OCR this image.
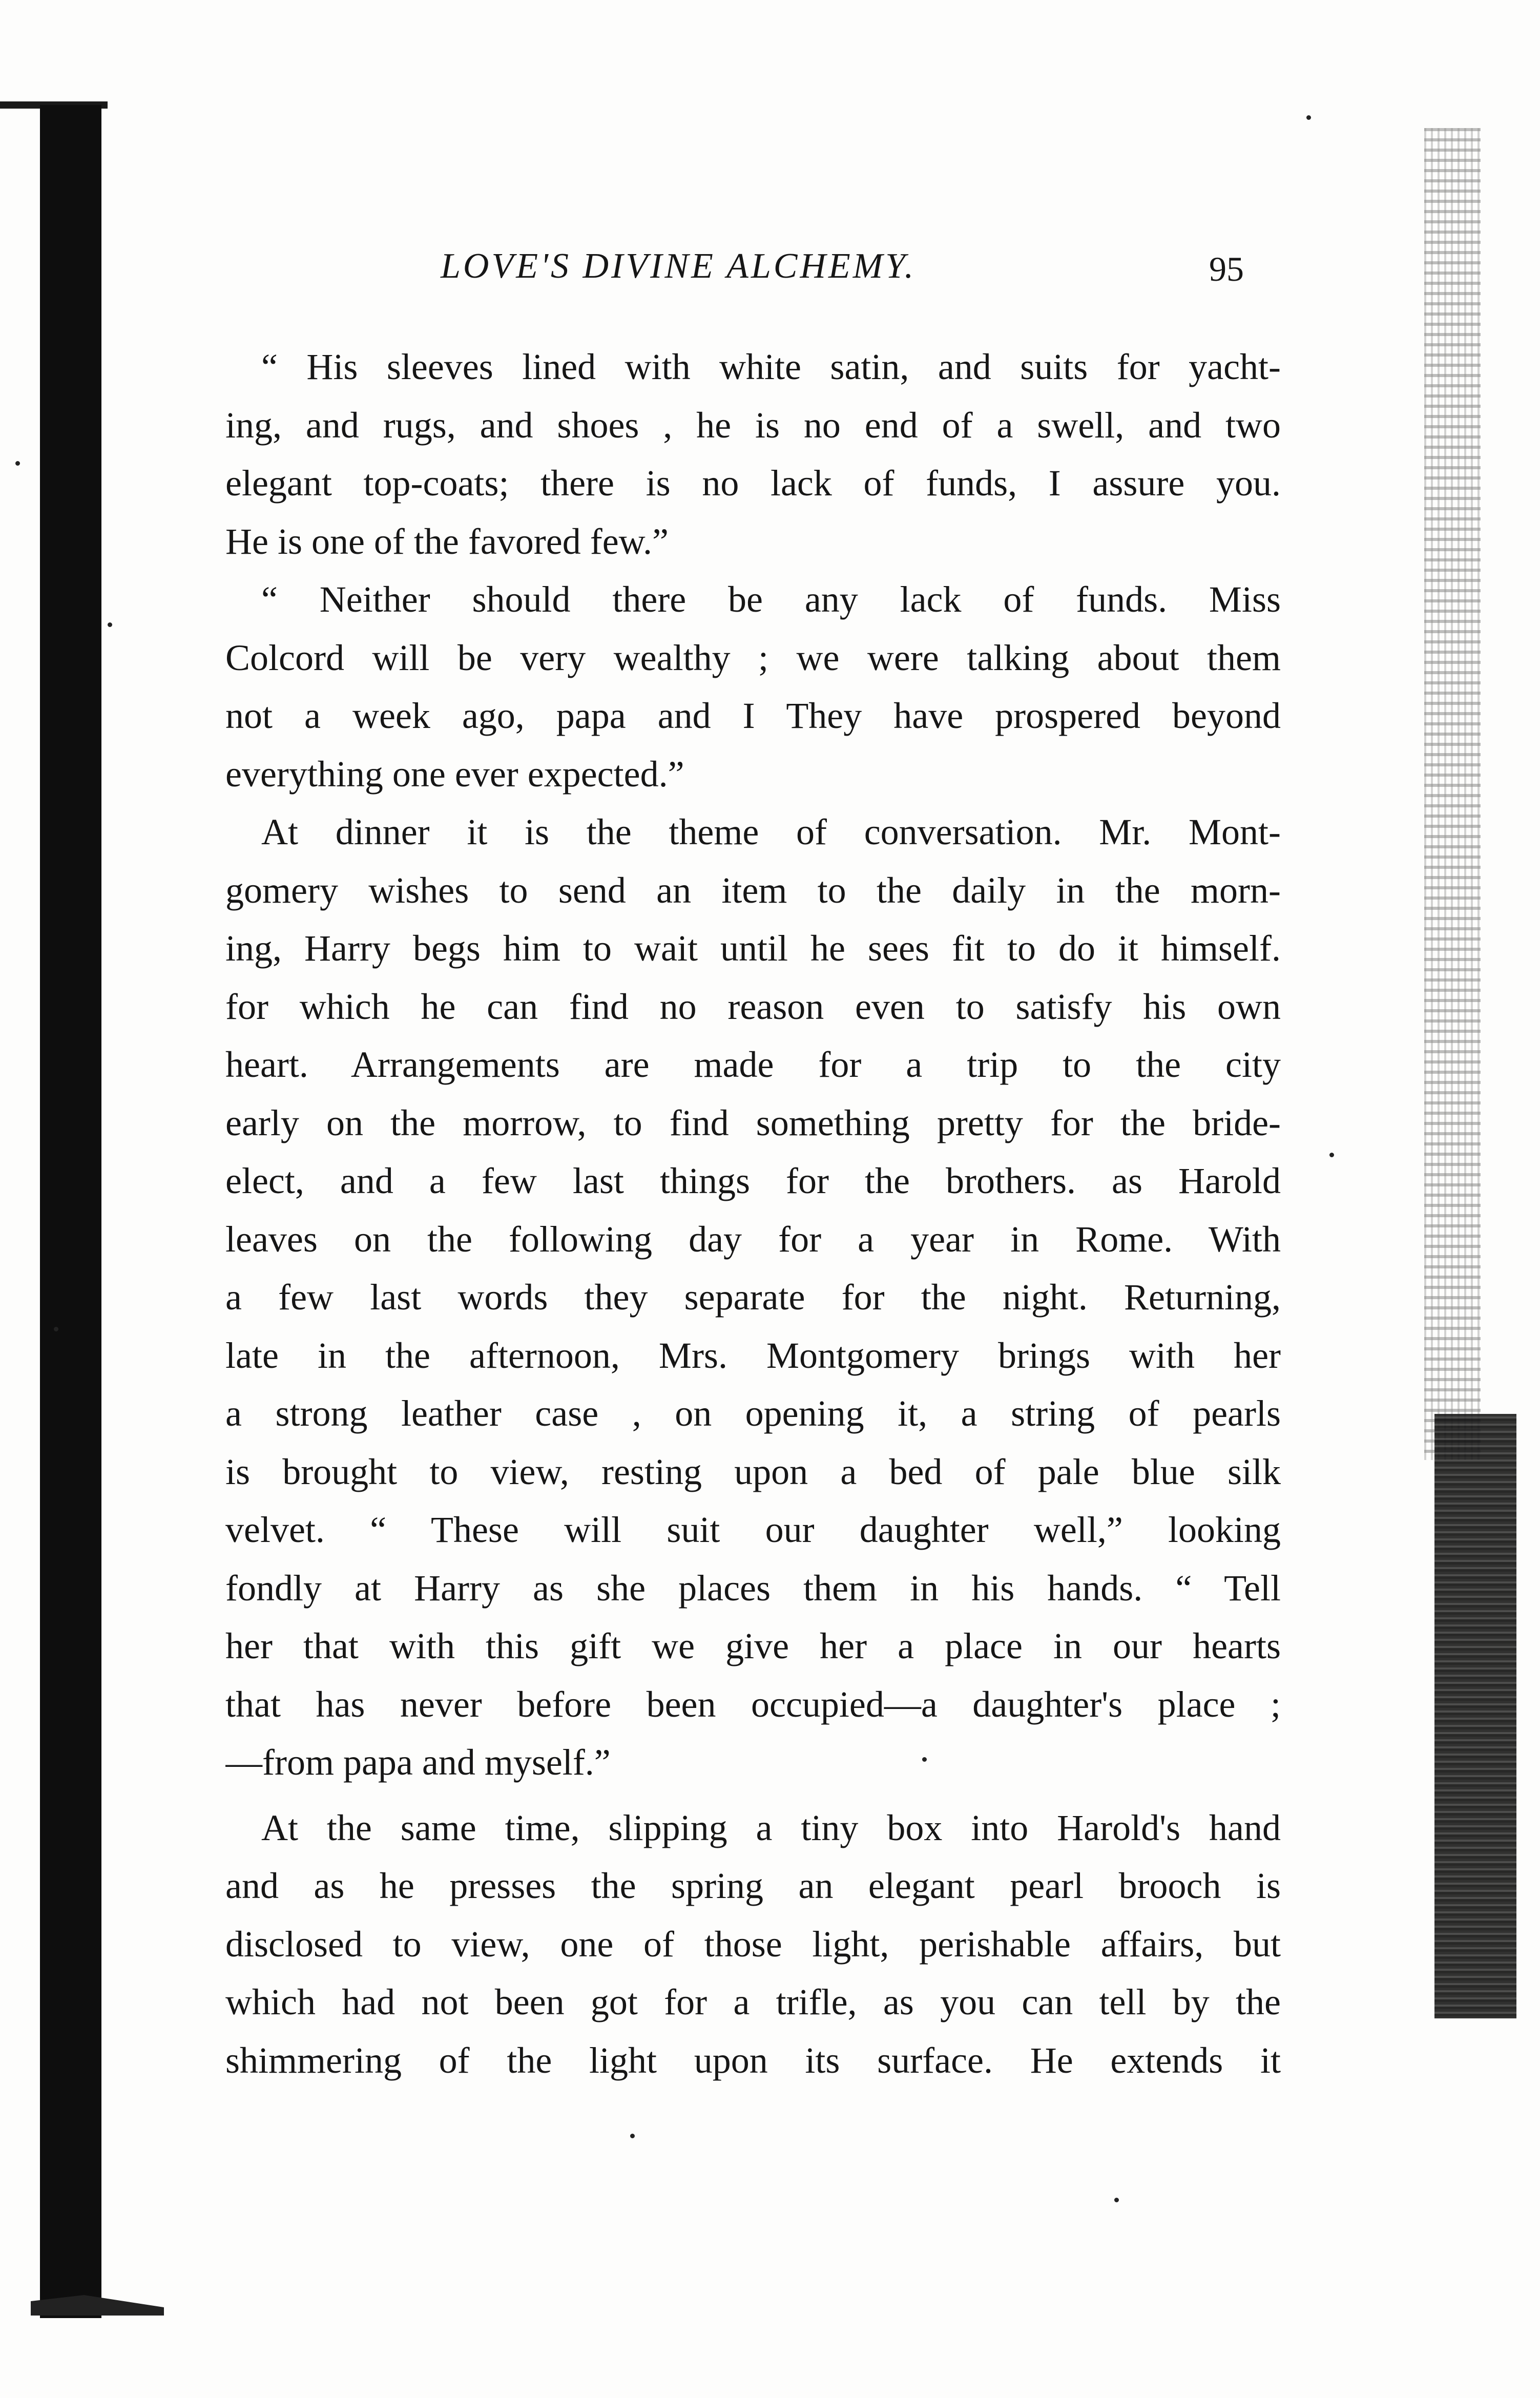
LOVE'S DIVINE ALCHEMY.	95
“ His sleeves lined with white satin, and suits for yacht-
ing, and rugs, and shoes , he is no end of a swell, and two
elegant top-coats; there is no lack of funds, I assure you.
He is one of the favored few.”
“ Neither should there be any lack of funds. Miss
Colcord will be very wealthy ; we were talking about them
not a week ago, papa and I They have prospered beyond
everything one ever expected.”
At dinner it is the theme of conversation. Mr. Mont-
gomery wishes to send an item to the daily in the morn-
ing, Harry begs him to wait until he sees fit to do it himself.
for which he can find no reason even to satisfy his own
heart. Arrangements are made for a trip to the city
early on the morrow, to find something pretty for the bride-
elect, and a few last things for the brothers. as Harold
leaves on the following day for a year in Rome. With
a few last words they separate for the night. Returning,
late in the afternoon, Mrs. Montgomery brings with her
a strong leather case , on opening it, a string of pearls
is brought to view, resting upon a bed of pale blue silk
velvet. “ These will suit our daughter well,” looking
fondly at Harry as she places them in his hands. “ Tell
her that with this gift we give her a place in our hearts
that has never before been occupied—a daughter's place ;
—from papa and myself.”
At the same time, slipping a tiny box into Harold's hand
and as he presses the spring an elegant pearl brooch is
disclosed to view, one of those light, perishable affairs, but
which had not been got for a trifle, as you can tell by the
shimmering of the light upon its surface. He extends it
